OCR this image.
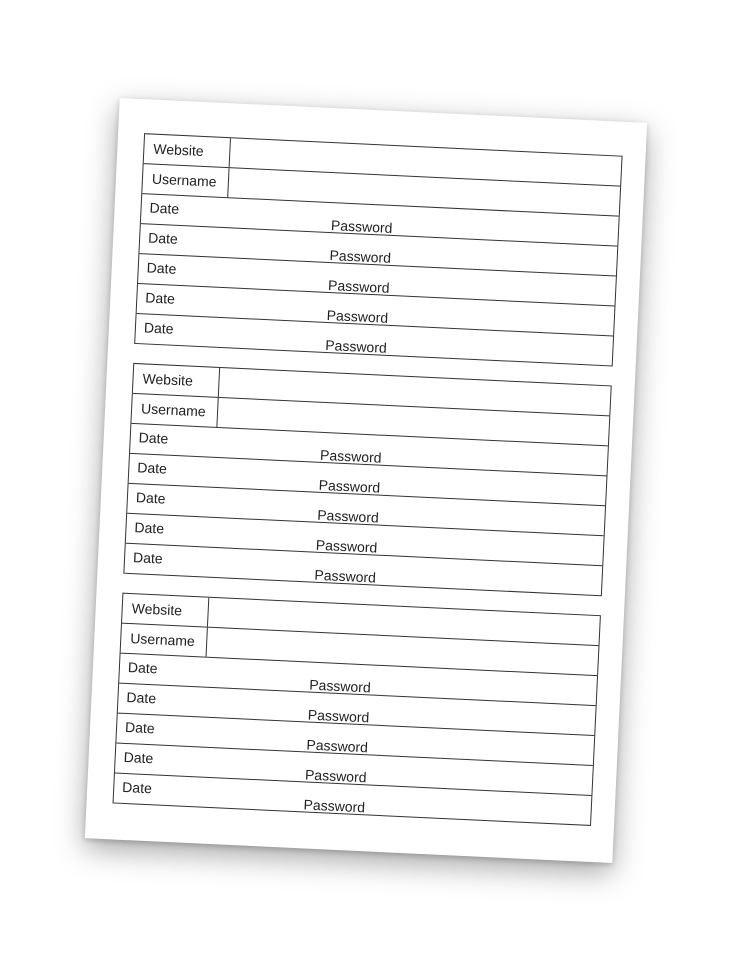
Website
Username
Date
Password
Date
Password
Date
Password
Date
Password
Date
Password
Website
Username
Date
Password
Date
Password
Date
Password
Date
Password
Date
Password
Website
Username
Date
Password
Date
Password
Date
Password
Date
Password
Date
Password
